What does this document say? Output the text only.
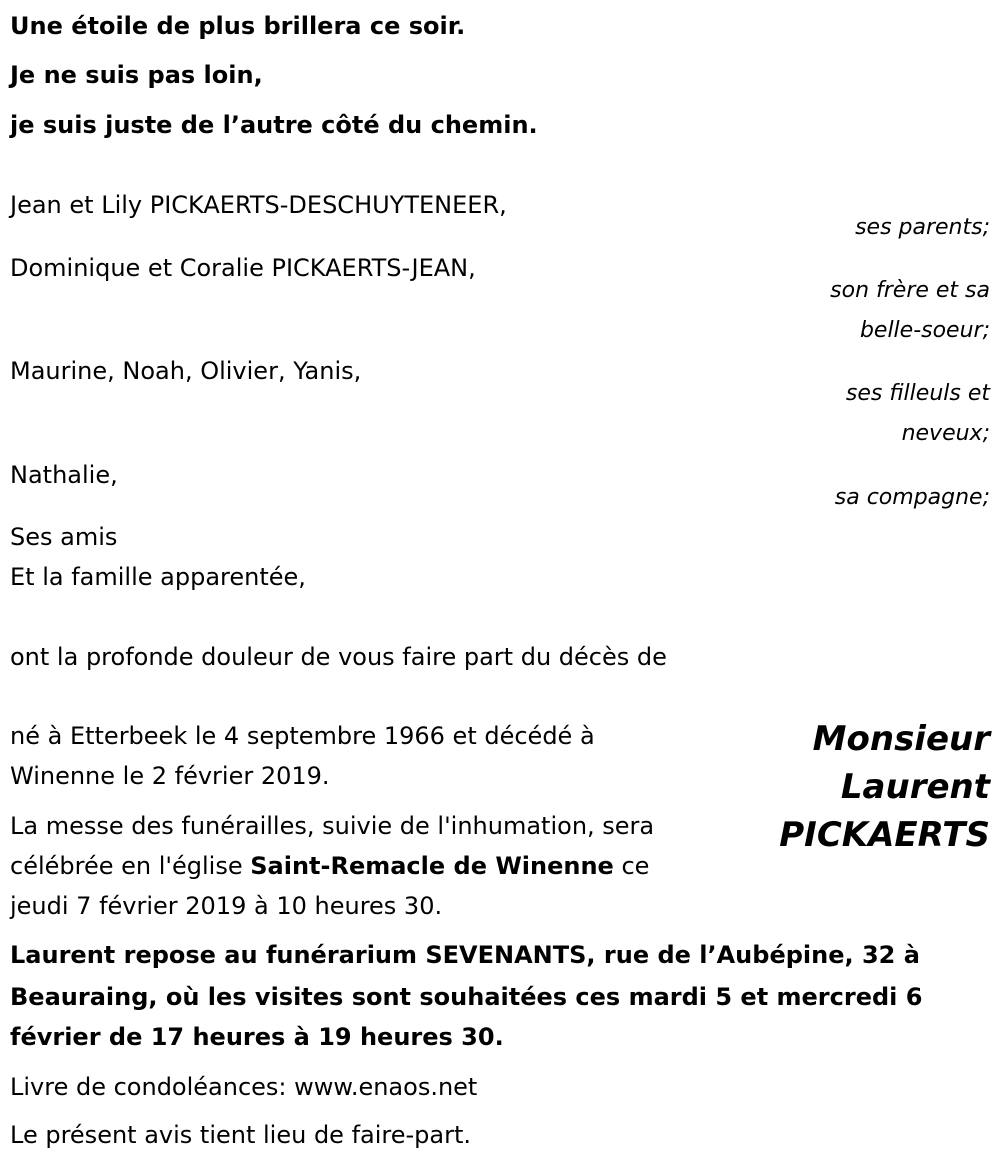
Une étoile de plus brillera ce soir.
Je ne suis pas loin,
je suis juste de l’autre côté du chemin.
Jean et Lily PICKAERTS-DESCHUYTENEER,
Dominique et Coralie PICKAERTS-JEAN,
Maurine, Noah, Olivier, Yanis,
Nathalie,
ses parents;
son frère et sa
belle-soeur;
ses filleuls et
neveux;
sa compagne;
Ses amis
Et la famille apparentée,
ont la profonde douleur de vous faire part du décès de
Monsieur
Laurent
PICKAERTS
né à Etterbeek le 4 septembre 1966 et décédé à
Winenne le 2 février 2019.
La messe des funérailles, suivie de l'inhumation, sera
célébrée en l'église Saint-Remacle de Winenne ce
jeudi 7 février 2019 à 10 heures 30.
Laurent repose au funérarium SEVENANTS, rue de l’Aubépine, 32 à
Beauraing, où les visites sont souhaitées ces mardi 5 et mercredi 6
février de 17 heures à 19 heures 30.
Livre de condoléances: www.enaos.net
Le présent avis tient lieu de faire-part.
